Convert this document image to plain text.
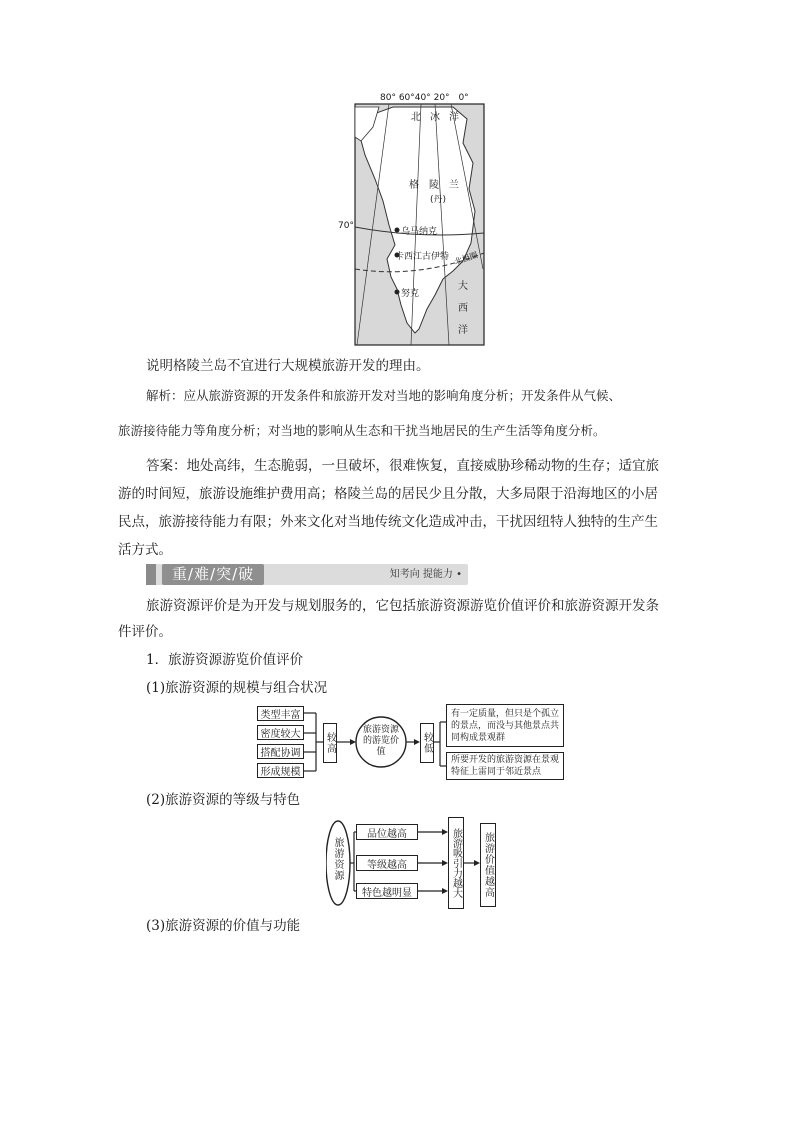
80° 60°40° 20° 0°
70°
北冰洋
格陵兰
(丹)
乌马纳克
卡西江古伊特
努克
北极圈
大
西
洋
说明格陵兰岛不宜进行大规模旅游开发的理由。
解析：应从旅游资源的开发条件和旅游开发对当地的影响角度分析；开发条件从气候、
旅游接待能力等角度分析；对当地的影响从生态和干扰当地居民的生产生活等角度分析。
答案：地处高纬，生态脆弱，一旦破坏，很难恢复，直接威胁珍稀动物的生存；适宜旅
游的时间短，旅游设施维护费用高；格陵兰岛的居民少且分散，大多局限于沿海地区的小居
民点，旅游接待能力有限；外来文化对当地传统文化造成冲击，干扰因纽特人独特的生产生
活方式。
重/难/突/破	知考向 提能力 •
旅游资源评价是为开发与规划服务的，它包括旅游资源游览价值评价和旅游资源开发条
件评价。
1．旅游资源游览价值评价
(1)旅游资源的规模与组合状况
类型丰富
密度较大
搭配协调
形成规模
较高
旅游资源的游览价值	较低
有一定质量，但只是个孤立的景点，而没与其他景点共同构成景观群
所要开发的旅游资源在景观特征上雷同于邻近景点
(2)旅游资源的等级与特色
旅游资源
品位越高
等级越高
特色越明显	旅游吸引力越大 旅游价值越高
(3)旅游资源的价值与功能
